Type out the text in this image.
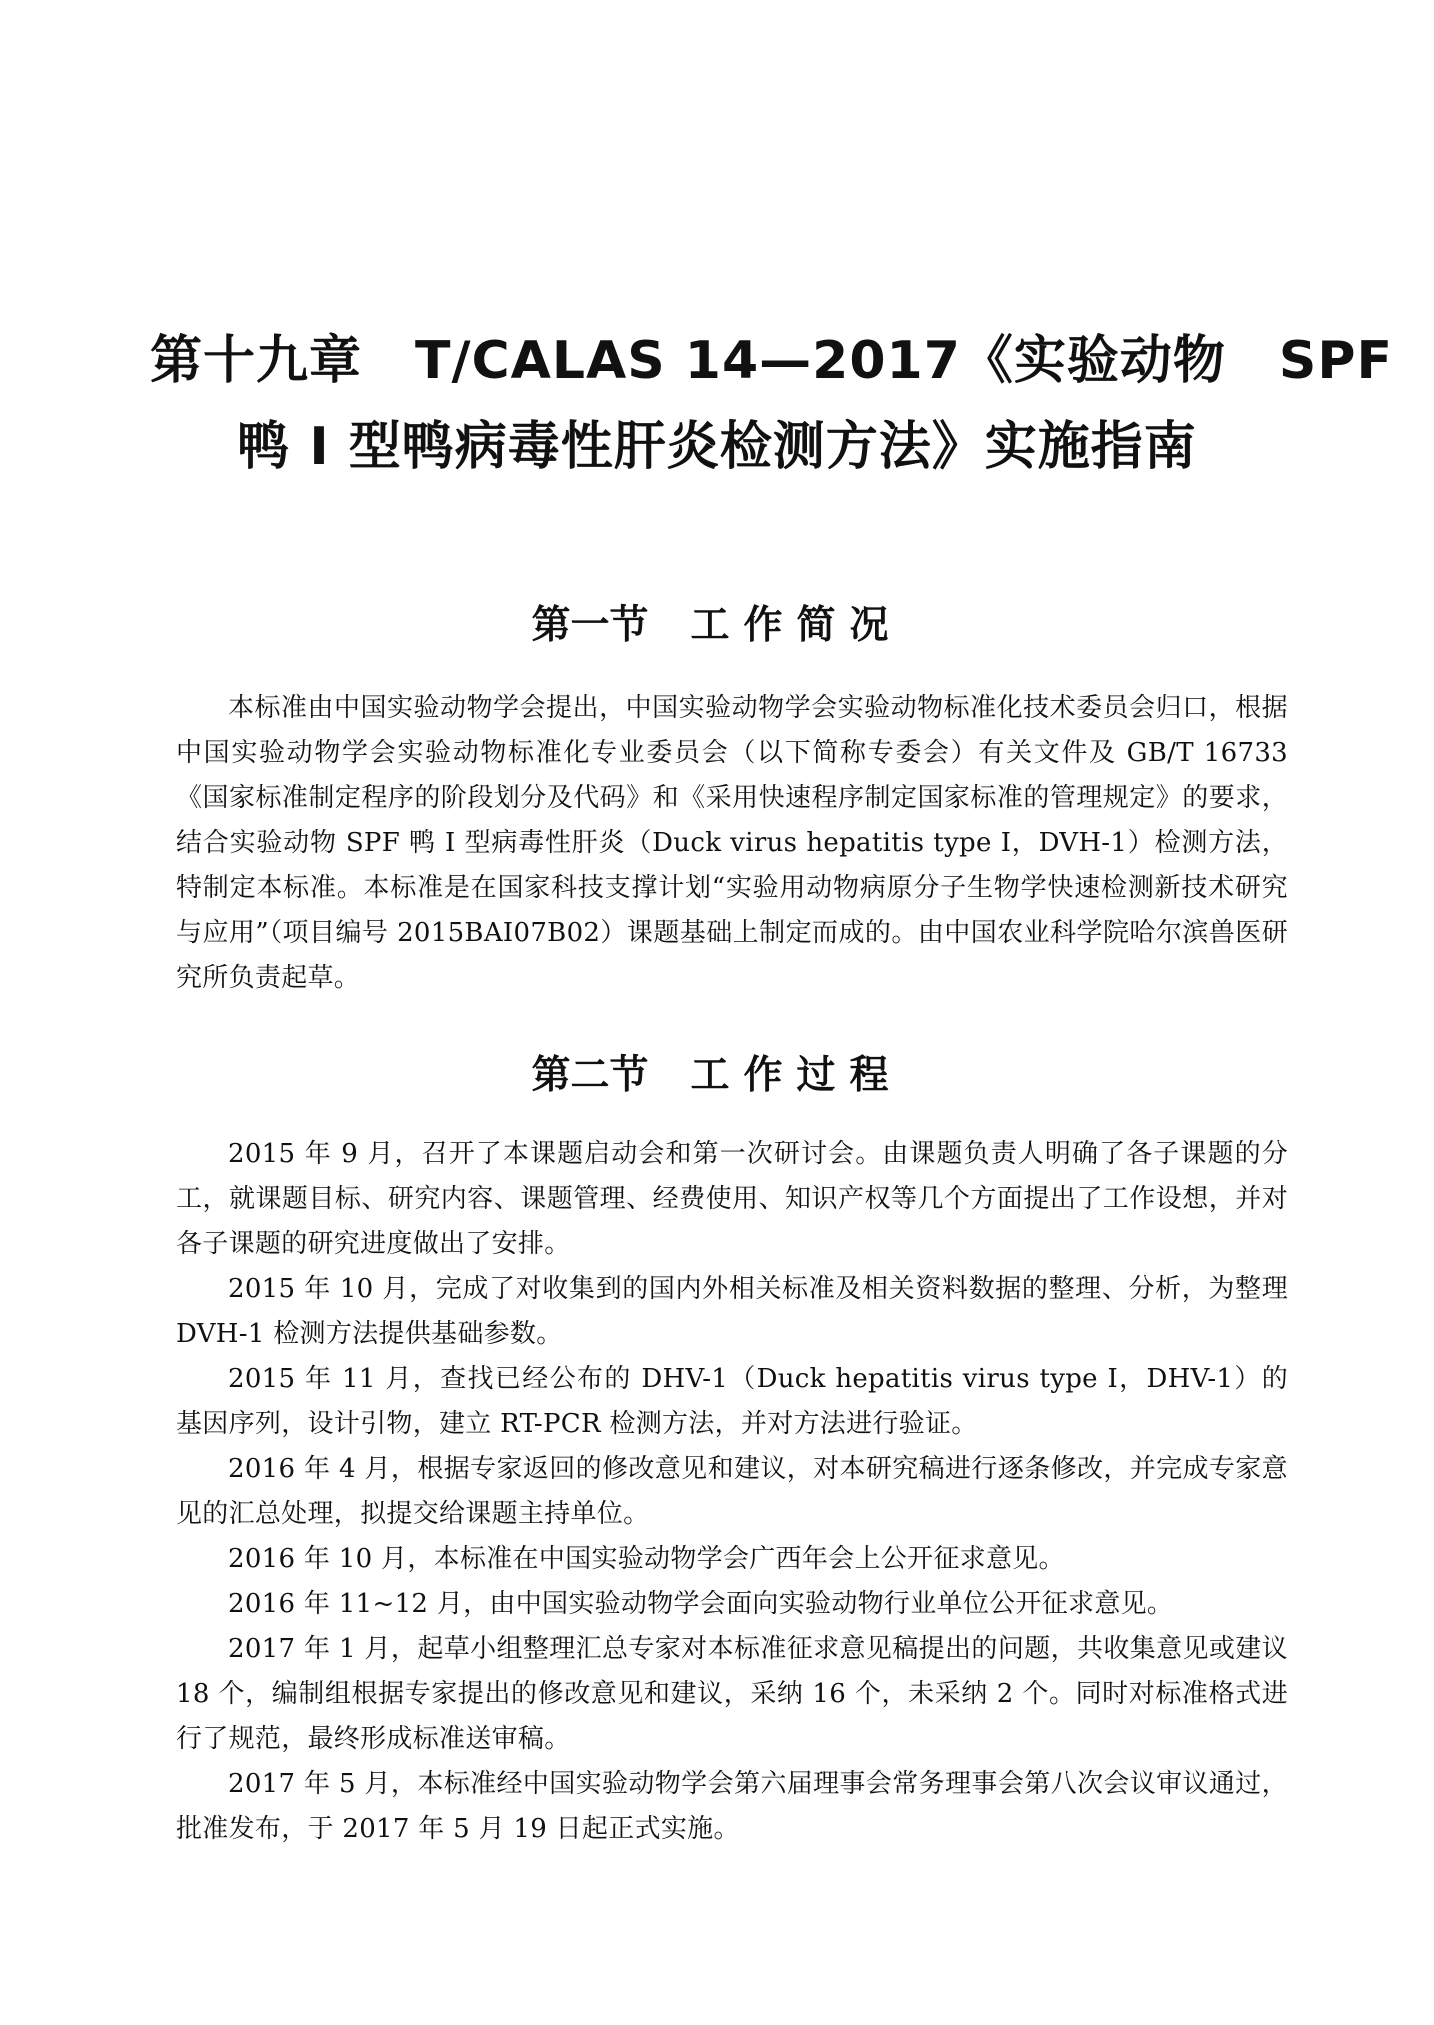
第十九章　T/CALAS 14—2017《实验动物　SPF
鸭 I 型鸭病毒性肝炎检测方法》实施指南
第一节 工作简况

本标准由中国实验动物学会提出，中国实验动物学会实验动物标准化技术委员会归口，根据中国实验动物学会实验动物标准化专业委员会（以下简称专委会）有关文件及 GB/T 16733《国家标准制定程序的阶段划分及代码》和《采用快速程序制定国家标准的管理规定》的要求，结合实验动物 SPF 鸭 I 型病毒性肝炎（Duck virus hepatitis type I，DVH-1）检测方法，特制定本标准。本标准是在国家科技支撑计划“实验用动物病原分子生物学快速检测新技术研究与应用”（项目编号 2015BAI07B02）课题基础上制定而成的。由中国农业科学院哈尔滨兽医研究所负责起草。

第二节 工作过程

2015 年 9 月，召开了本课题启动会和第一次研讨会。由课题负责人明确了各子课题的分工，就课题目标、研究内容、课题管理、经费使用、知识产权等几个方面提出了工作设想，并对各子课题的研究进度做出了安排。

2015 年 10 月，完成了对收集到的国内外相关标准及相关资料数据的整理、分析，为整理 DVH-1 检测方法提供基础参数。

2015 年 11 月，查找已经公布的 DHV-1（Duck hepatitis virus type I，DHV-1）的基因序列，设计引物，建立 RT-PCR 检测方法，并对方法进行验证。

2016 年 4 月，根据专家返回的修改意见和建议，对本研究稿进行逐条修改，并完成专家意见的汇总处理，拟提交给课题主持单位。

2016 年 10 月，本标准在中国实验动物学会广西年会上公开征求意见。

2016 年 11~12 月，由中国实验动物学会面向实验动物行业单位公开征求意见。

2017 年 1 月，起草小组整理汇总专家对本标准征求意见稿提出的问题，共收集意见或建议 18 个，编制组根据专家提出的修改意见和建议，采纳 16 个，未采纳 2 个。同时对标准格式进行了规范，最终形成标准送审稿。

2017 年 5 月，本标准经中国实验动物学会第六届理事会常务理事会第八次会议审议通过，批准发布，于 2017 年 5 月 19 日起正式实施。
